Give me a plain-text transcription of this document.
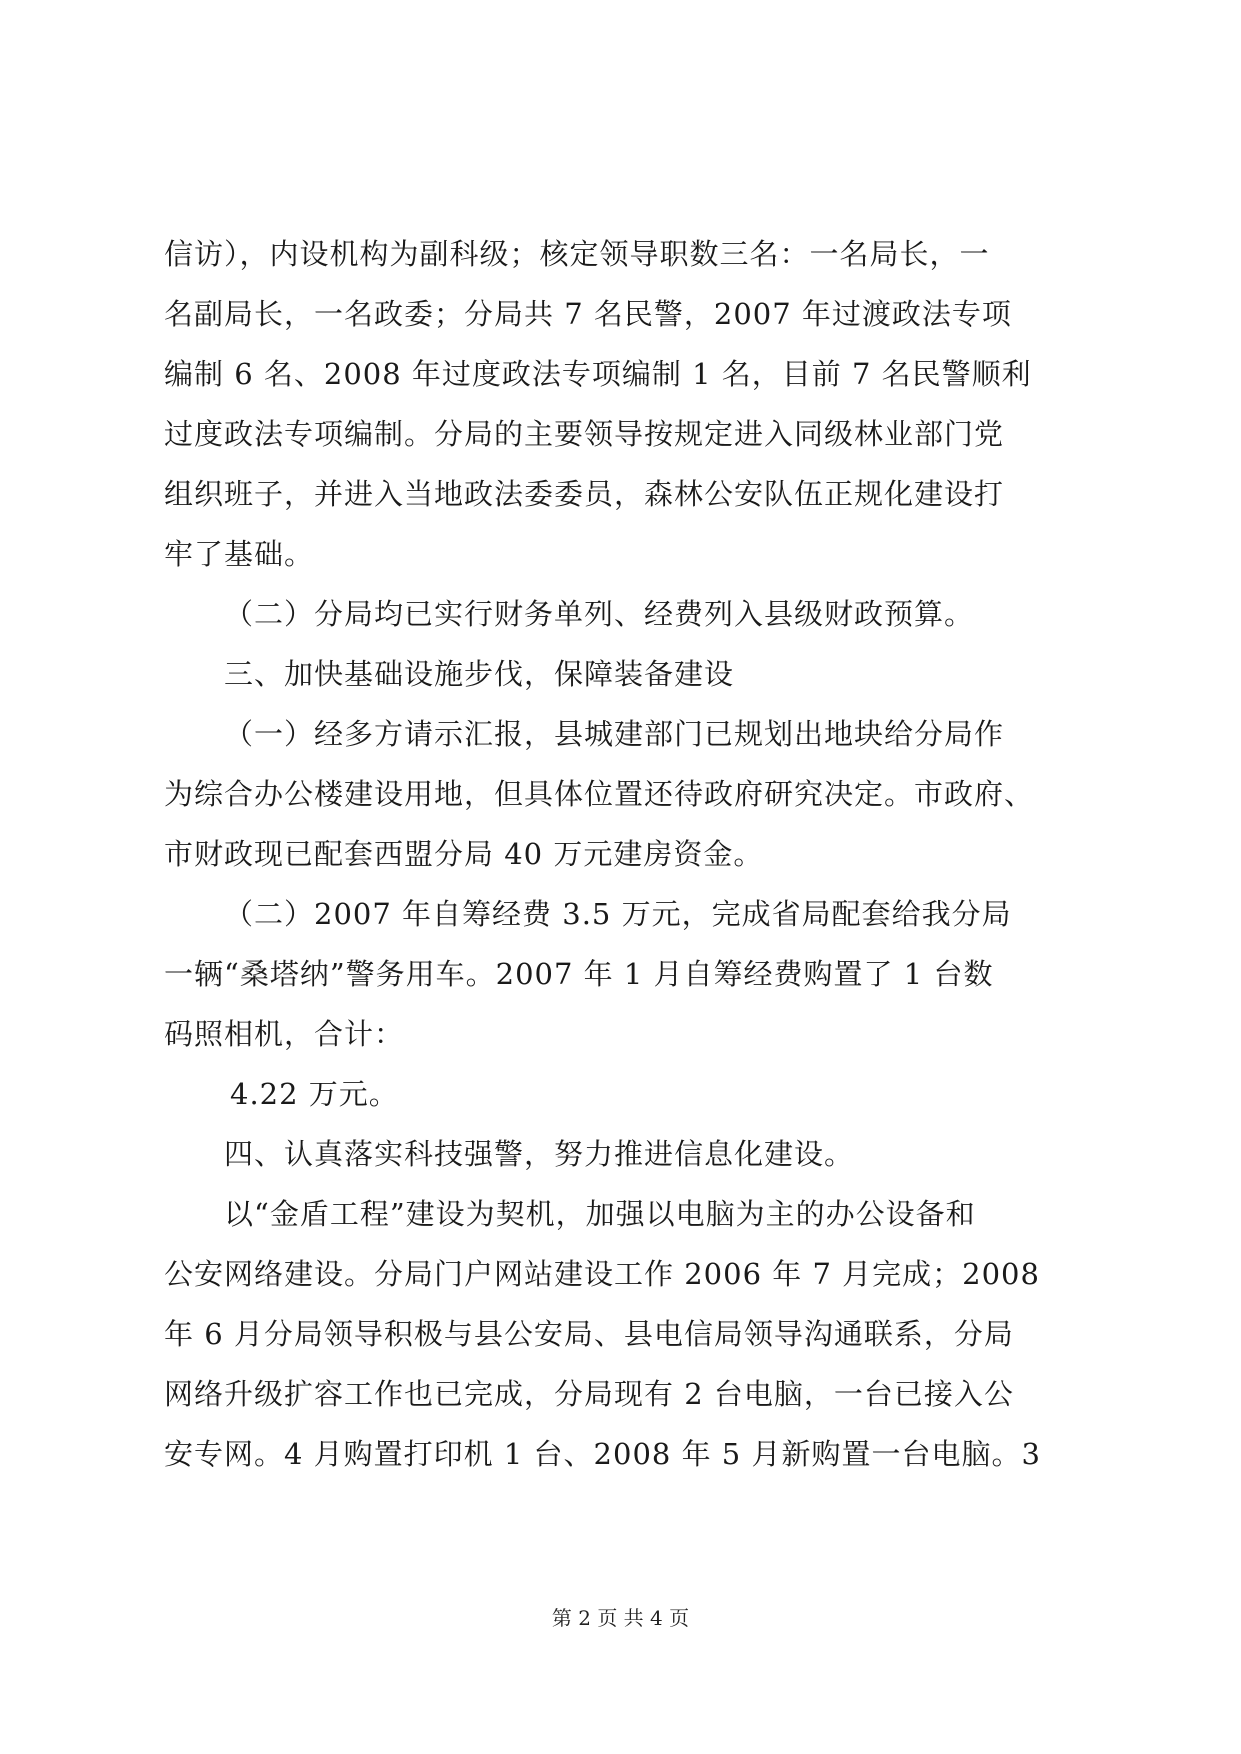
信访），内设机构为副科级；核定领导职数三名：一名局长，一
名副局长，一名政委；分局共 7 名民警，2007 年过渡政法专项
编制 6 名、2008 年过度政法专项编制 1 名，目前 7 名民警顺利
过度政法专项编制。分局的主要领导按规定进入同级林业部门党
组织班子，并进入当地政法委委员，森林公安队伍正规化建设打
牢了基础。
（二）分局均已实行财务单列、经费列入县级财政预算。
三、加快基础设施步伐，保障装备建设
（一）经多方请示汇报，县城建部门已规划出地块给分局作
为综合办公楼建设用地，但具体位置还待政府研究决定。市政府、
市财政现已配套西盟分局 40 万元建房资金。
（二）2007 年自筹经费 3.5 万元，完成省局配套给我分局
一辆“桑塔纳”警务用车。2007 年 1 月自筹经费购置了 1 台数
码照相机，合计：
4.22 万元。
四、认真落实科技强警，努力推进信息化建设。
以“金盾工程”建设为契机，加强以电脑为主的办公设备和
公安网络建设。分局门户网站建设工作 2006 年 7 月完成；2008
年 6 月分局领导积极与县公安局、县电信局领导沟通联系，分局
网络升级扩容工作也已完成，分局现有 2 台电脑，一台已接入公
安专网。4 月购置打印机 1 台、2008 年 5 月新购置一台电脑。3
第 2 页 共 4 页
